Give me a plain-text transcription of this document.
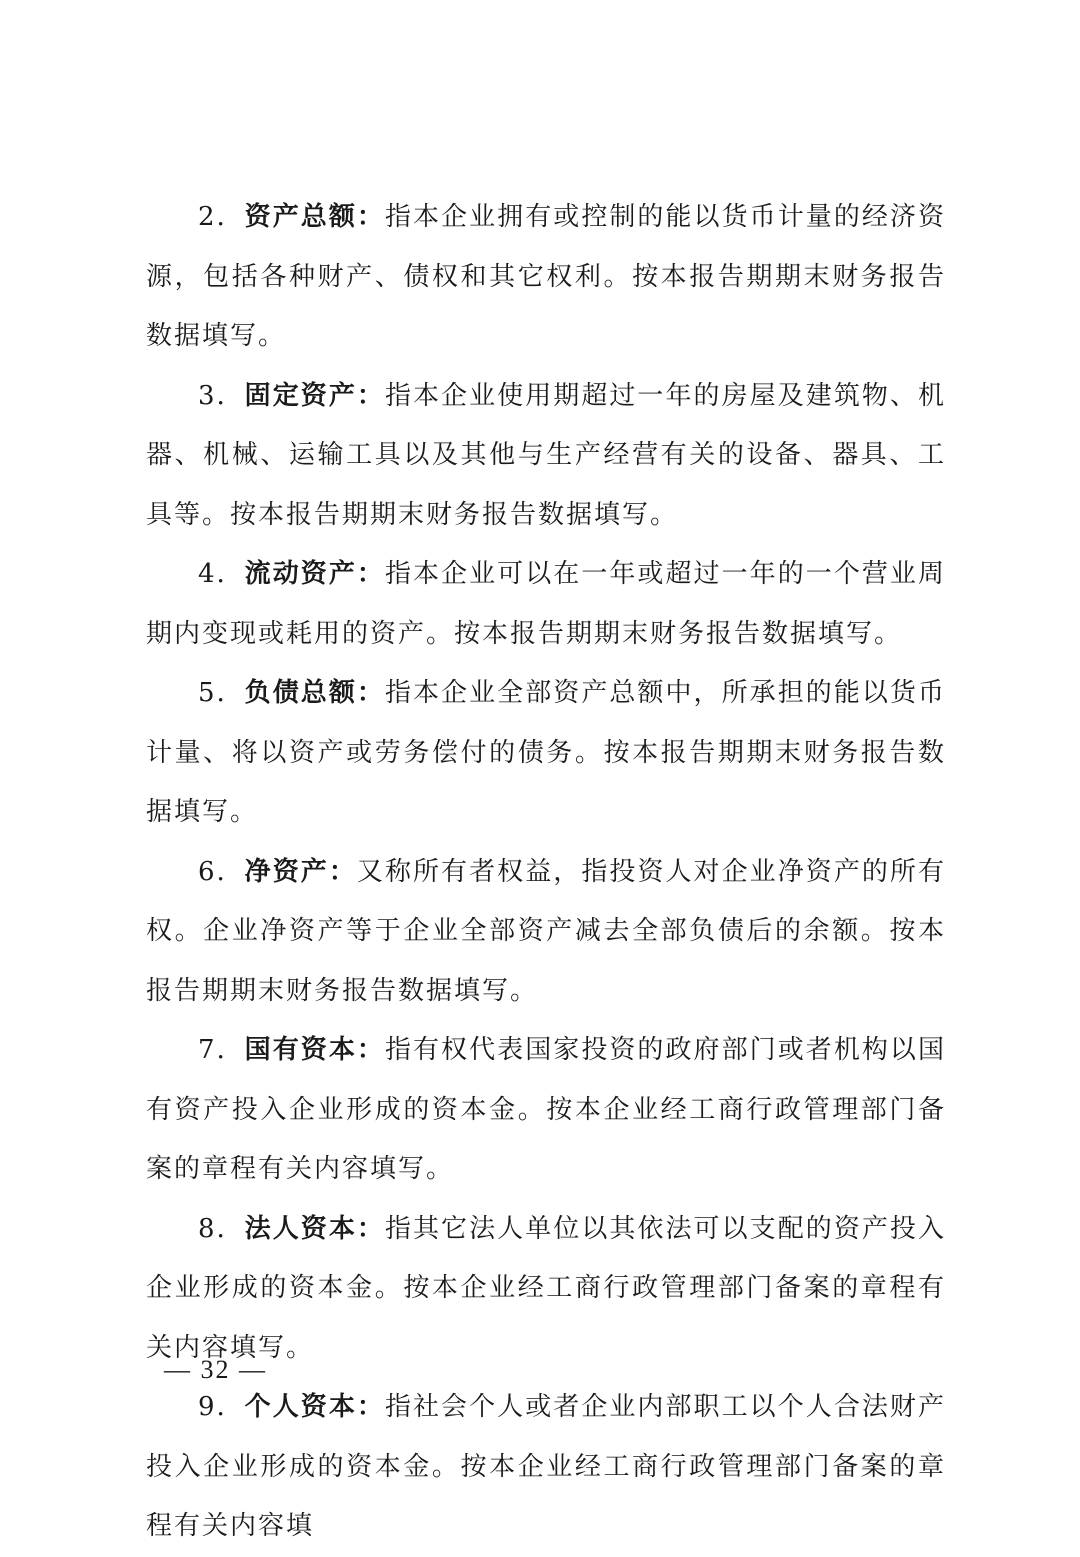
2．资产总额：指本企业拥有或控制的能以货币计量的经济资源，包括各种财产、债权和其它权利。按本报告期期末财务报告数据填写。

3．固定资产：指本企业使用期超过一年的房屋及建筑物、机器、机械、运输工具以及其他与生产经营有关的设备、器具、工具等。按本报告期期末财务报告数据填写。

4．流动资产：指本企业可以在一年或超过一年的一个营业周期内变现或耗用的资产。按本报告期期末财务报告数据填写。

5．负债总额：指本企业全部资产总额中，所承担的能以货币计量、将以资产或劳务偿付的债务。按本报告期期末财务报告数据填写。

6．净资产：又称所有者权益，指投资人对企业净资产的所有权。企业净资产等于企业全部资产减去全部负债后的余额。按本报告期期末财务报告数据填写。

7．国有资本：指有权代表国家投资的政府部门或者机构以国有资产投入企业形成的资本金。按本企业经工商行政管理部门备案的章程有关内容填写。

8．法人资本：指其它法人单位以其依法可以支配的资产投入企业形成的资本金。按本企业经工商行政管理部门备案的章程有关内容填写。

9．个人资本：指社会个人或者企业内部职工以个人合法财产投入企业形成的资本金。按本企业经工商行政管理部门备案的章程有关内容填

— 32 —
